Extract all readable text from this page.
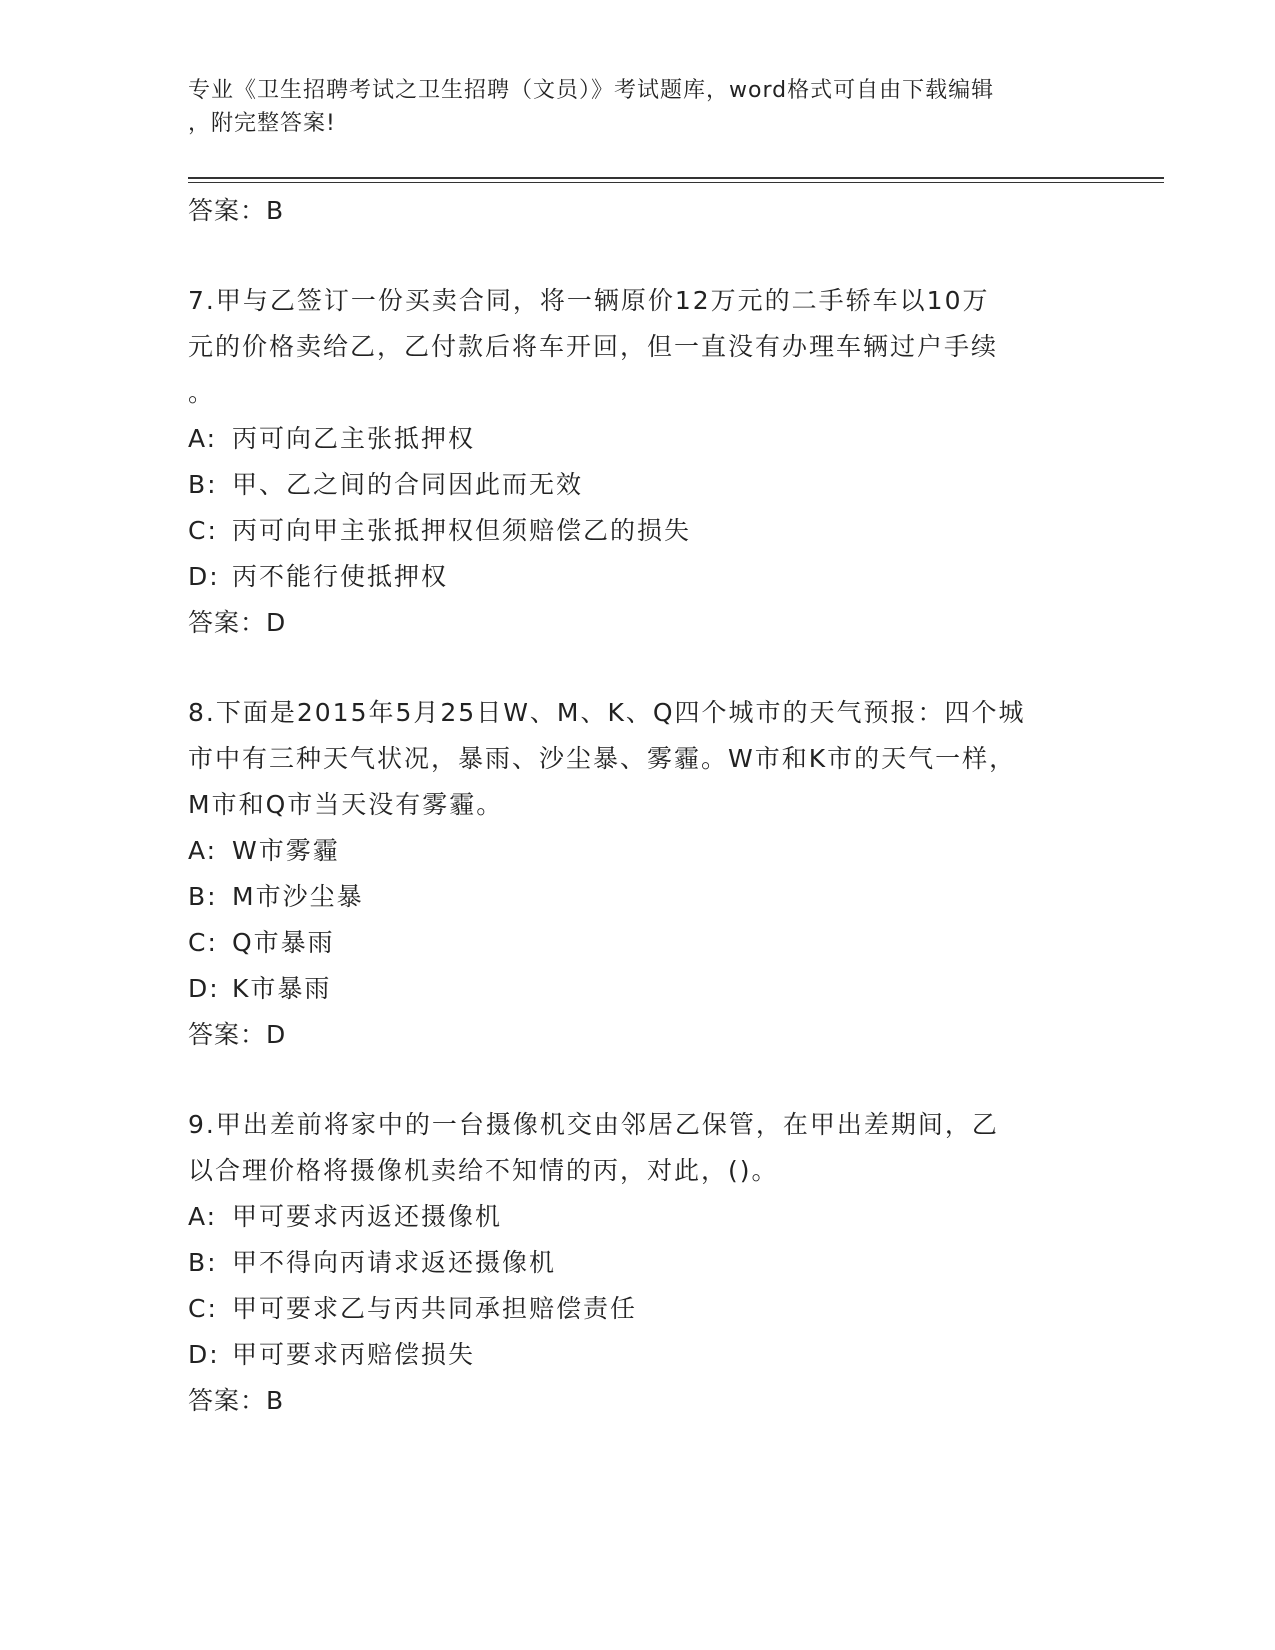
专业《卫生招聘考试之卫生招聘（文员）》考试题库，word格式可自由下载编辑
，附完整答案!

答案：B

7.甲与乙签订一份买卖合同，将一辆原价12万元的二手轿车以10万

元的价格卖给乙，乙付款后将车开回，但一直没有办理车辆过户手续

。

A: 丙可向乙主张抵押权

B: 甲、乙之间的合同因此而无效

C: 丙可向甲主张抵押权但须赔偿乙的损失

D: 丙不能行使抵押权

答案：D

8.下面是2015年5月25日W、M、K、Q四个城市的天气预报：四个城

市中有三种天气状况，暴雨、沙尘暴、雾霾。W市和K市的天气一样，

M市和Q市当天没有雾霾。

A: W市雾霾

B: M市沙尘暴

C: Q市暴雨

D: K市暴雨

答案：D

9.甲出差前将家中的一台摄像机交由邻居乙保管，在甲出差期间，乙

以合理价格将摄像机卖给不知情的丙，对此，()。

A: 甲可要求丙返还摄像机

B: 甲不得向丙请求返还摄像机

C: 甲可要求乙与丙共同承担赔偿责任

D: 甲可要求丙赔偿损失

答案：B
